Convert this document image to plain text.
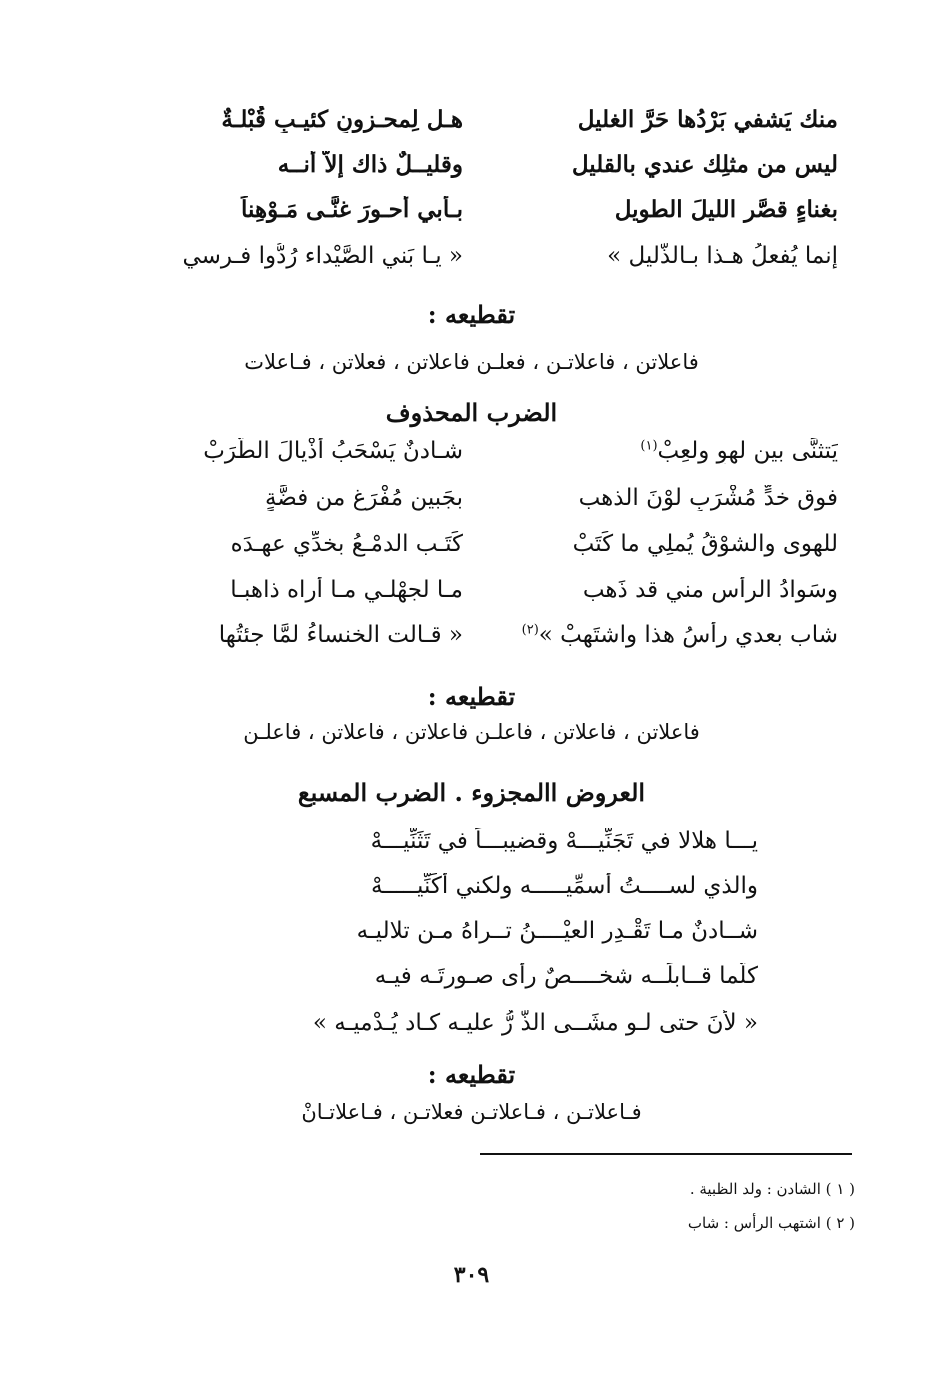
هـل لِمحـزونٍ كئيـبٍ قُبْلـةٌ	منك يَشفي بَرْدُها حَرَّ الغليل
وقليــلٌ ذاك إلاَّ أنــه	ليس من مثلِك عندي بالقليل
بـأبي أحـورَ غنَّـى مَـوْهِناً	بغناءٍ قصَّر الليلَ الطويل
« يـا بَني الصَّيْداء رُدُّوا فـرسي	إنما يُفعلُ هـذا بـالذَّليل »
تقطيعه :
فاعلاتن ، فاعلاتـن ، فعلـن فاعلاتن ، فعلاتن ، فـاعلات
الضرب المحذوف
شـادنٌ يَسْحَبُ أذْيالَ الطَّرَبْ	يَتثنَّى بين لهوٍ ولعِبْ$^{(١)}$
بجَبين مُفْرَغٍ من فضَّةٍ	فوق خدٍّ مُشْرَبٍ لوْنَ الذهب
كَتَـب الدمْـعُ بخدِّي عهـدَه	للهوى والشوْقُ يُملِي ما كَتَبْ
مـا لجهْلـي مـا أراه ذاهبـا	وسَوادُ الرأسِ مني قد ذَهب
« قـالت الخنساءُ لمَّا جئتُها	شاب بعدي رأسُ هذا واشتَهبْ »$^{(٢)}$
تقطيعه :
فاعلاتن ، فاعلاتن ، فاعلـن فاعلاتن ، فاعلاتن ، فاعلـن
العروض االمجزوء . الضرب المسبع
يـــا هلالا في تَجَنِّيـــهْ وقضيبـــاً في تَثَنِّيـــهْ
والذي لســــتُ أُسمِّيـــــه ولكني أُكَنِّيـــــهْ
شــادنٌ مـا تَقْـدِر العيْــــنُ تــراهُ مـن تلاليـه
كلّما قــابلَــه شخــــصٌ رأى صـورتَـه فيـه
« لأنَ حتى لـو مشَــى الذَّ رُّ عليـه كـاد يُـدْميـه »
تقطيعه :
فـاعلاتـن ، فـاعلاتـن فعلاتـن ، فـاعلاتـانْ
( ١ ) الشادن : ولد الظبية .
( ٢ ) اشتهب الرأس : شاب
٣٠٩
